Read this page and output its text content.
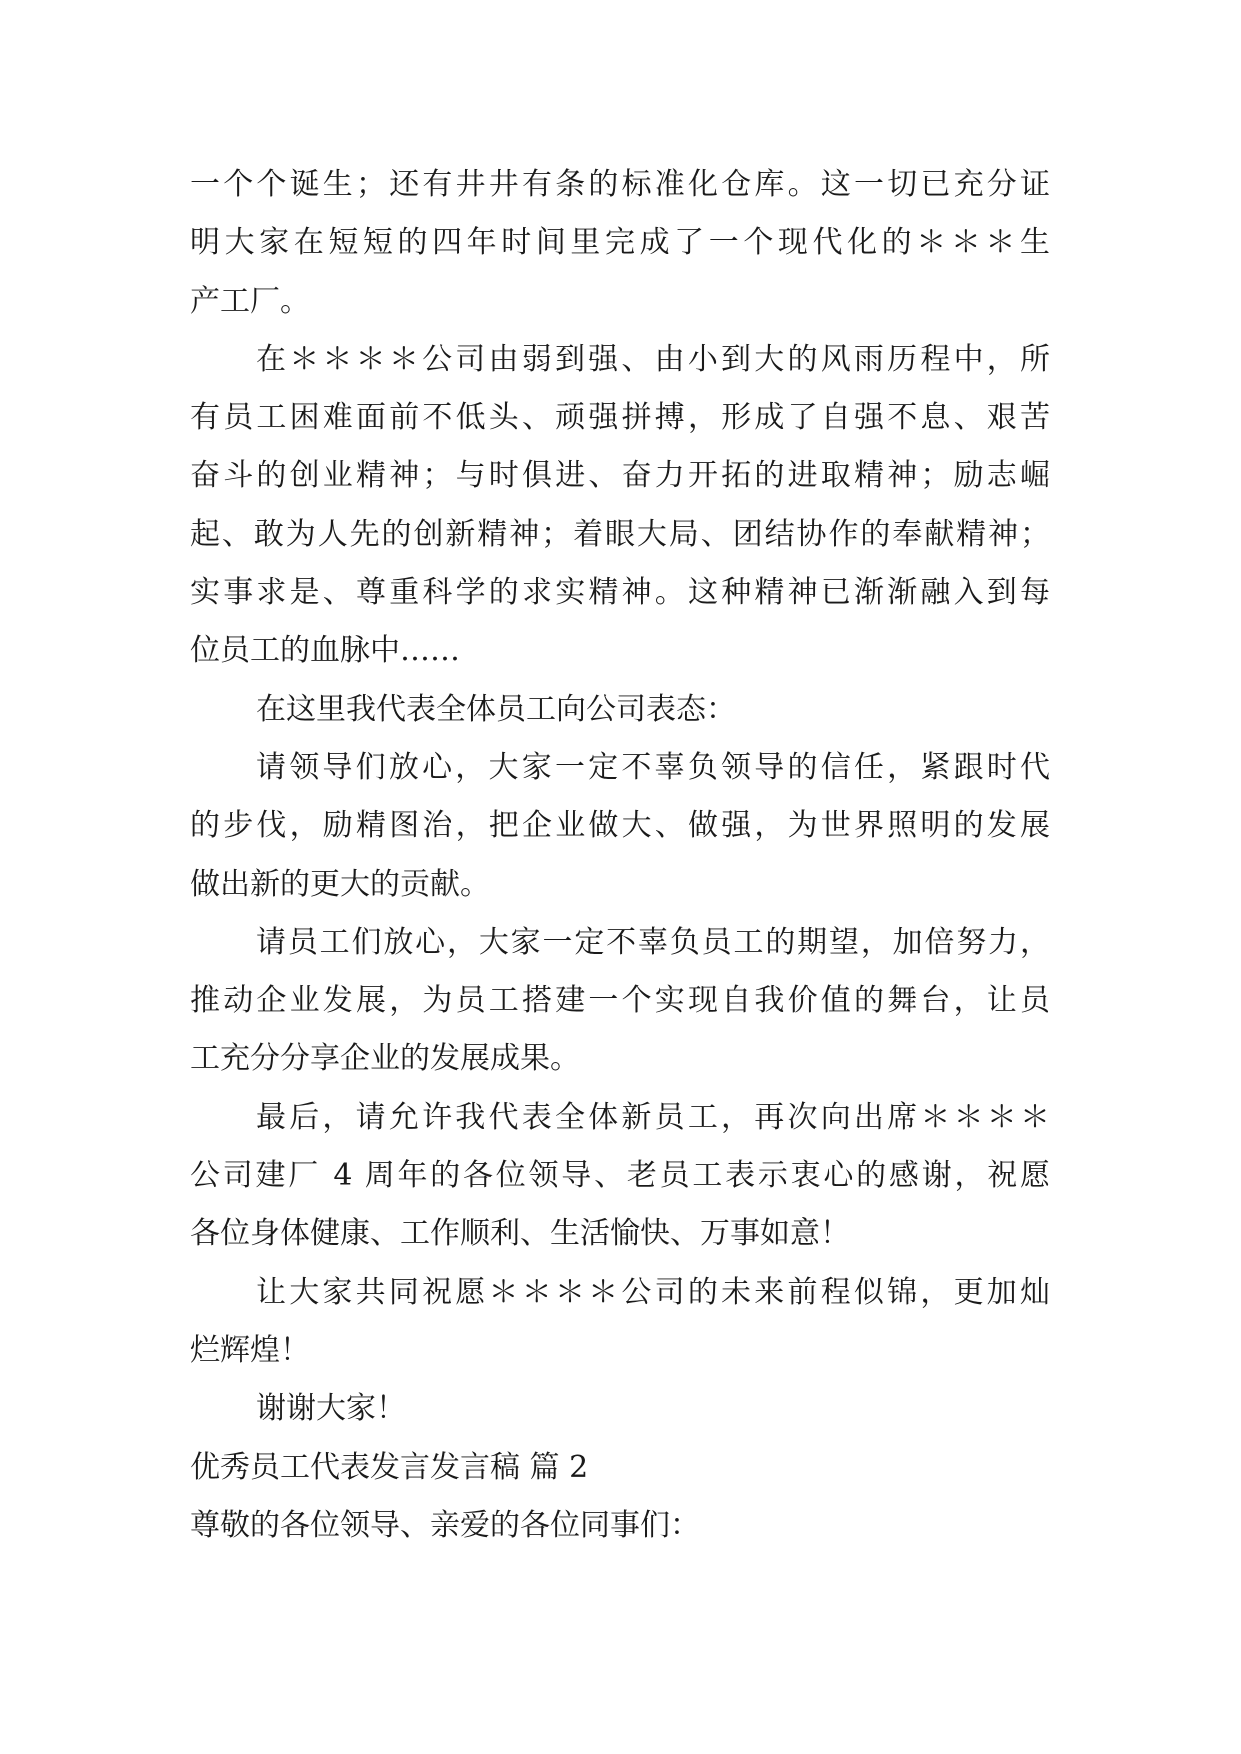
一个个诞生；还有井井有条的标准化仓库。这一切已充分证
明大家在短短的四年时间里完成了一个现代化的＊＊＊生
产工厂。
在＊＊＊＊公司由弱到强、由小到大的风雨历程中，所
有员工困难面前不低头、顽强拼搏，形成了自强不息、艰苦
奋斗的创业精神；与时俱进、奋力开拓的进取精神；励志崛
起、敢为人先的创新精神；着眼大局、团结协作的奉献精神；
实事求是、尊重科学的求实精神。这种精神已渐渐融入到每
位员工的血脉中……
在这里我代表全体员工向公司表态：
请领导们放心，大家一定不辜负领导的信任，紧跟时代
的步伐，励精图治，把企业做大、做强，为世界照明的发展
做出新的更大的贡献。
请员工们放心，大家一定不辜负员工的期望，加倍努力，
推动企业发展，为员工搭建一个实现自我价值的舞台，让员
工充分分享企业的发展成果。
最后，请允许我代表全体新员工，再次向出席＊＊＊＊
公司建厂 4 周年的各位领导、老员工表示衷心的感谢，祝愿
各位身体健康、工作顺利、生活愉快、万事如意！
让大家共同祝愿＊＊＊＊公司的未来前程似锦，更加灿
烂辉煌！
谢谢大家！
优秀员工代表发言发言稿 篇 2
尊敬的各位领导、亲爱的各位同事们：
